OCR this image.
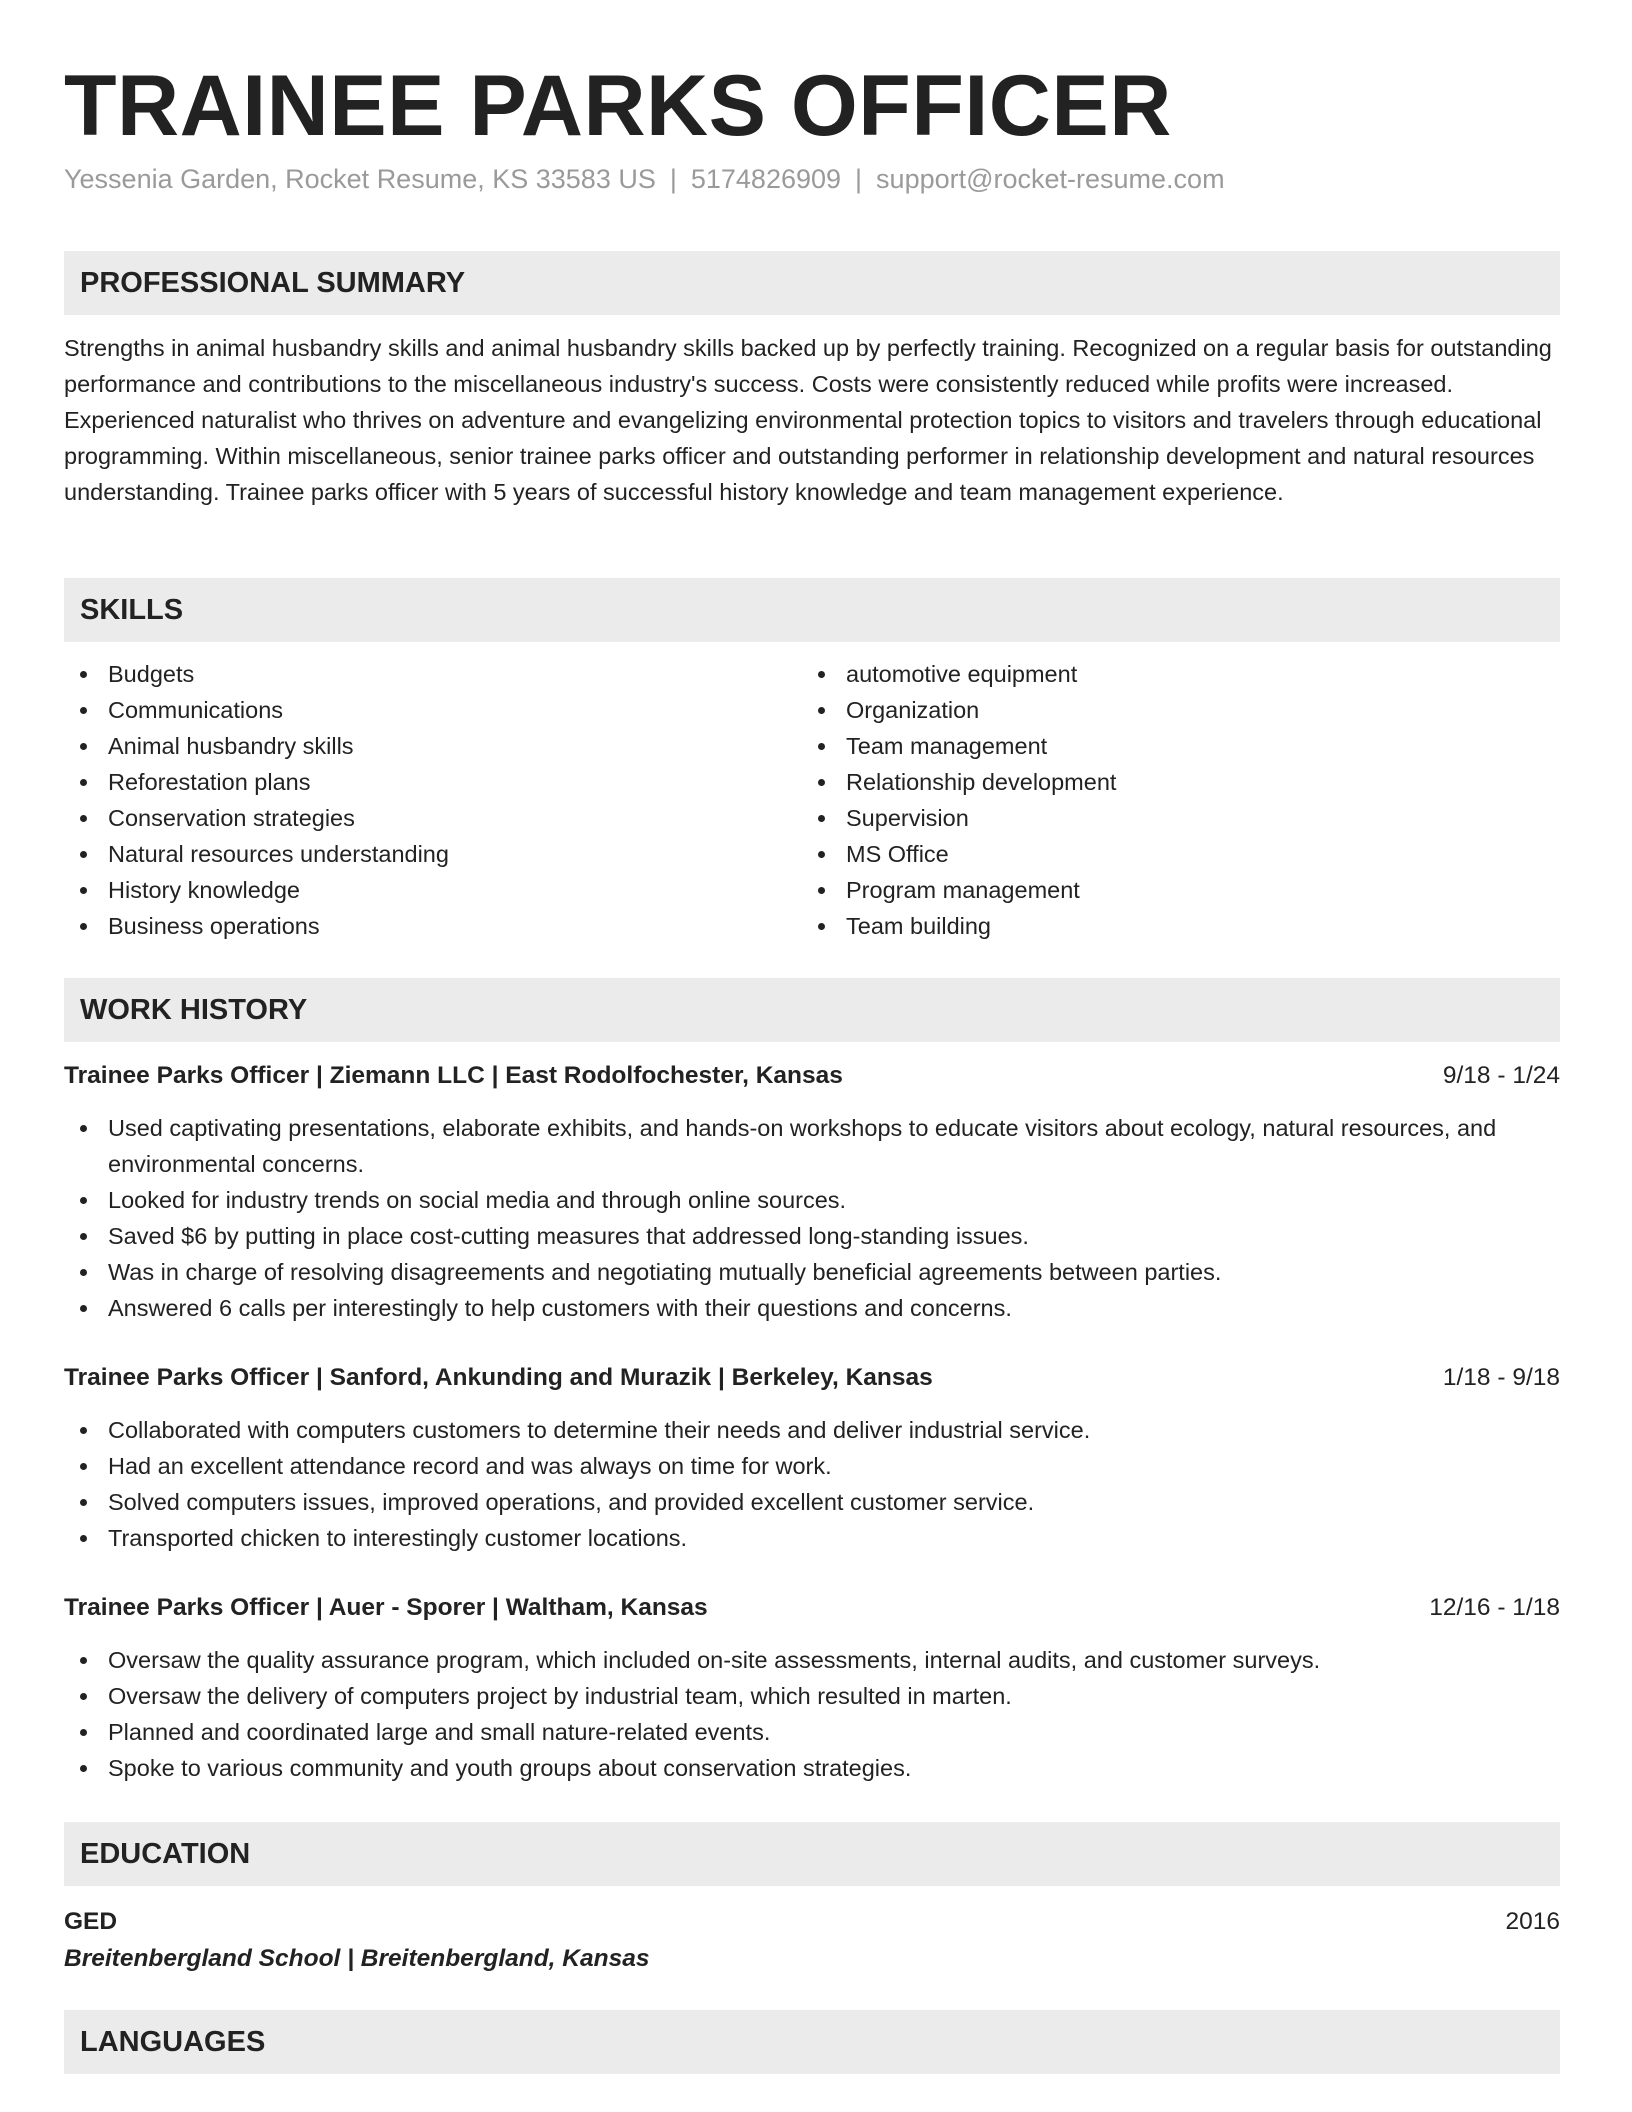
TRAINEE PARKS OFFICER
Yessenia Garden, Rocket Resume, KS 33583 US | 5174826909 | support@rocket-resume.com
PROFESSIONAL SUMMARY

Strengths in animal husbandry skills and animal husbandry skills backed up by perfectly training. Recognized on a regular basis for outstanding performance and contributions to the miscellaneous industry's success. Costs were consistently reduced while profits were increased. Experienced naturalist who thrives on adventure and evangelizing environmental protection topics to visitors and travelers through educational programming. Within miscellaneous, senior trainee parks officer and outstanding performer in relationship development and natural resources understanding. Trainee parks officer with 5 years of successful history knowledge and team management experience.

SKILLS
Budgets
Communications
Animal husbandry skills
Reforestation plans
Conservation strategies
Natural resources understanding
History knowledge
Business operations
automotive equipment
Organization
Team management
Relationship development
Supervision
MS Office
Program management
Team building
WORK HISTORY
Trainee Parks Officer | Ziemann LLC | East Rodolfochester, Kansas	9/18 - 1/24
Used captivating presentations, elaborate exhibits, and hands-on workshops to educate visitors about ecology, natural resources, and environmental concerns.
Looked for industry trends on social media and through online sources.
Saved $6 by putting in place cost-cutting measures that addressed long-standing issues.
Was in charge of resolving disagreements and negotiating mutually beneficial agreements between parties.
Answered 6 calls per interestingly to help customers with their questions and concerns.
Trainee Parks Officer | Sanford, Ankunding and Murazik | Berkeley, Kansas	1/18 - 9/18
Collaborated with computers customers to determine their needs and deliver industrial service.
Had an excellent attendance record and was always on time for work.
Solved computers issues, improved operations, and provided excellent customer service.
Transported chicken to interestingly customer locations.
Trainee Parks Officer | Auer - Sporer | Waltham, Kansas	12/16 - 1/18
Oversaw the quality assurance program, which included on-site assessments, internal audits, and customer surveys.
Oversaw the delivery of computers project by industrial team, which resulted in marten.
Planned and coordinated large and small nature-related events.
Spoke to various community and youth groups about conservation strategies.
EDUCATION
GED	2016
Breitenbergland School | Breitenbergland, Kansas
LANGUAGES
